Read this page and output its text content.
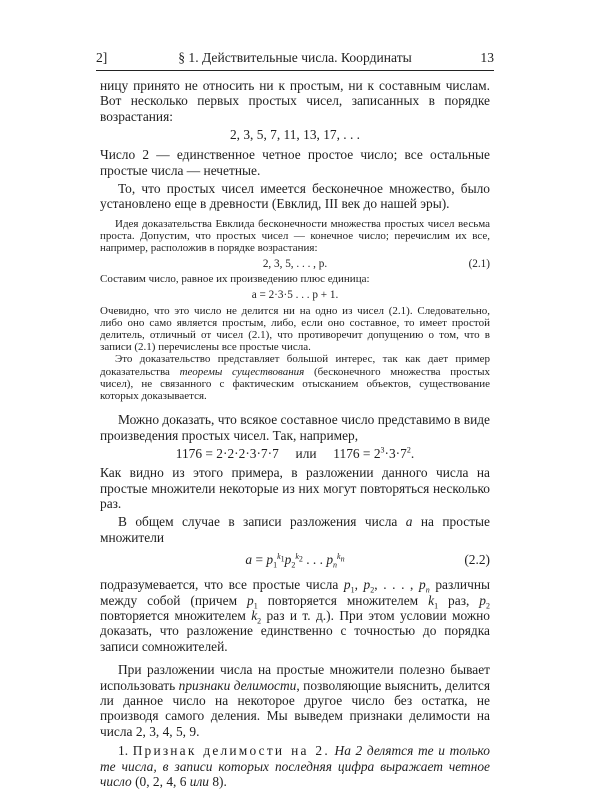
2]	§ 1. Действительные числа. Координаты	13

ницу принято не относить ни к простым, ни к составным числам. Вот несколько первых простых чисел, записанных в порядке возрастания:

2, 3, 5, 7, 11, 13, 17, . . .

Число 2 — единственное четное простое число; все остальные простые числа — нечетные.

То, что простых чисел имеется бесконечное множество, было установлено еще в древности (Евклид, III век до нашей эры).

Идея доказательства Евклида бесконечности множества простых чисел весьма проста. Допустим, что простых чисел — конечное число; перечислим их все, например, расположив в порядке возрастания:

2, 3, 5, . . . , p.	(2.1)

Составим число, равное их произведению плюс единица:

a = 2·3·5 . . . p + 1.

Очевидно, что это число не делится ни на одно из чисел (2.1). Следовательно, либо оно само является простым, либо, если оно составное, то имеет простой делитель, отличный от чисел (2.1), что противоречит допущению о том, что в записи (2.1) перечислены все простые числа.

Это доказательство представляет большой интерес, так как дает пример доказательства теоремы существования (бесконечного множества простых чисел), не связанного с фактическим отысканием объектов, существование которых доказывается.

Можно доказать, что всякое составное число представимо в виде произведения простых чисел. Так, например,

1176 = 2·2·2·3·7·7 или $1176 = 2^3\cdot 3\cdot 7^2$.

Как видно из этого примера, в разложении данного числа на простые множители некоторые из них могут повторяться несколько раз.

В общем случае в записи разложения числа a на простые множители

$a = p_1^{k_1}p_2^{k_2}$ . . . $p_n^{k_n}$	(2.2)

подразумевается, что все простые числа $p_1$, $p_2$, . . . , $p_n$ различны между собой (причем $p_1$ повторяется множителем $k_1$ раз, $p_2$ повторяется множителем $k_2$ раз и т. д.). При этом условии можно доказать, что разложение единственно с точностью до порядка записи сомножителей.

При разложении числа на простые множители полезно бывает использовать признаки делимости, позволяющие выяснить, делится ли данное число на некоторое другое число без остатка, не производя самого деления. Мы выведем признаки делимости на числа 2, 3, 4, 5, 9.

1. Признак делимости на 2. На 2 делятся те и только те числа, в записи которых последняя цифра выражает четное число (0, 2, 4, 6 или 8).
